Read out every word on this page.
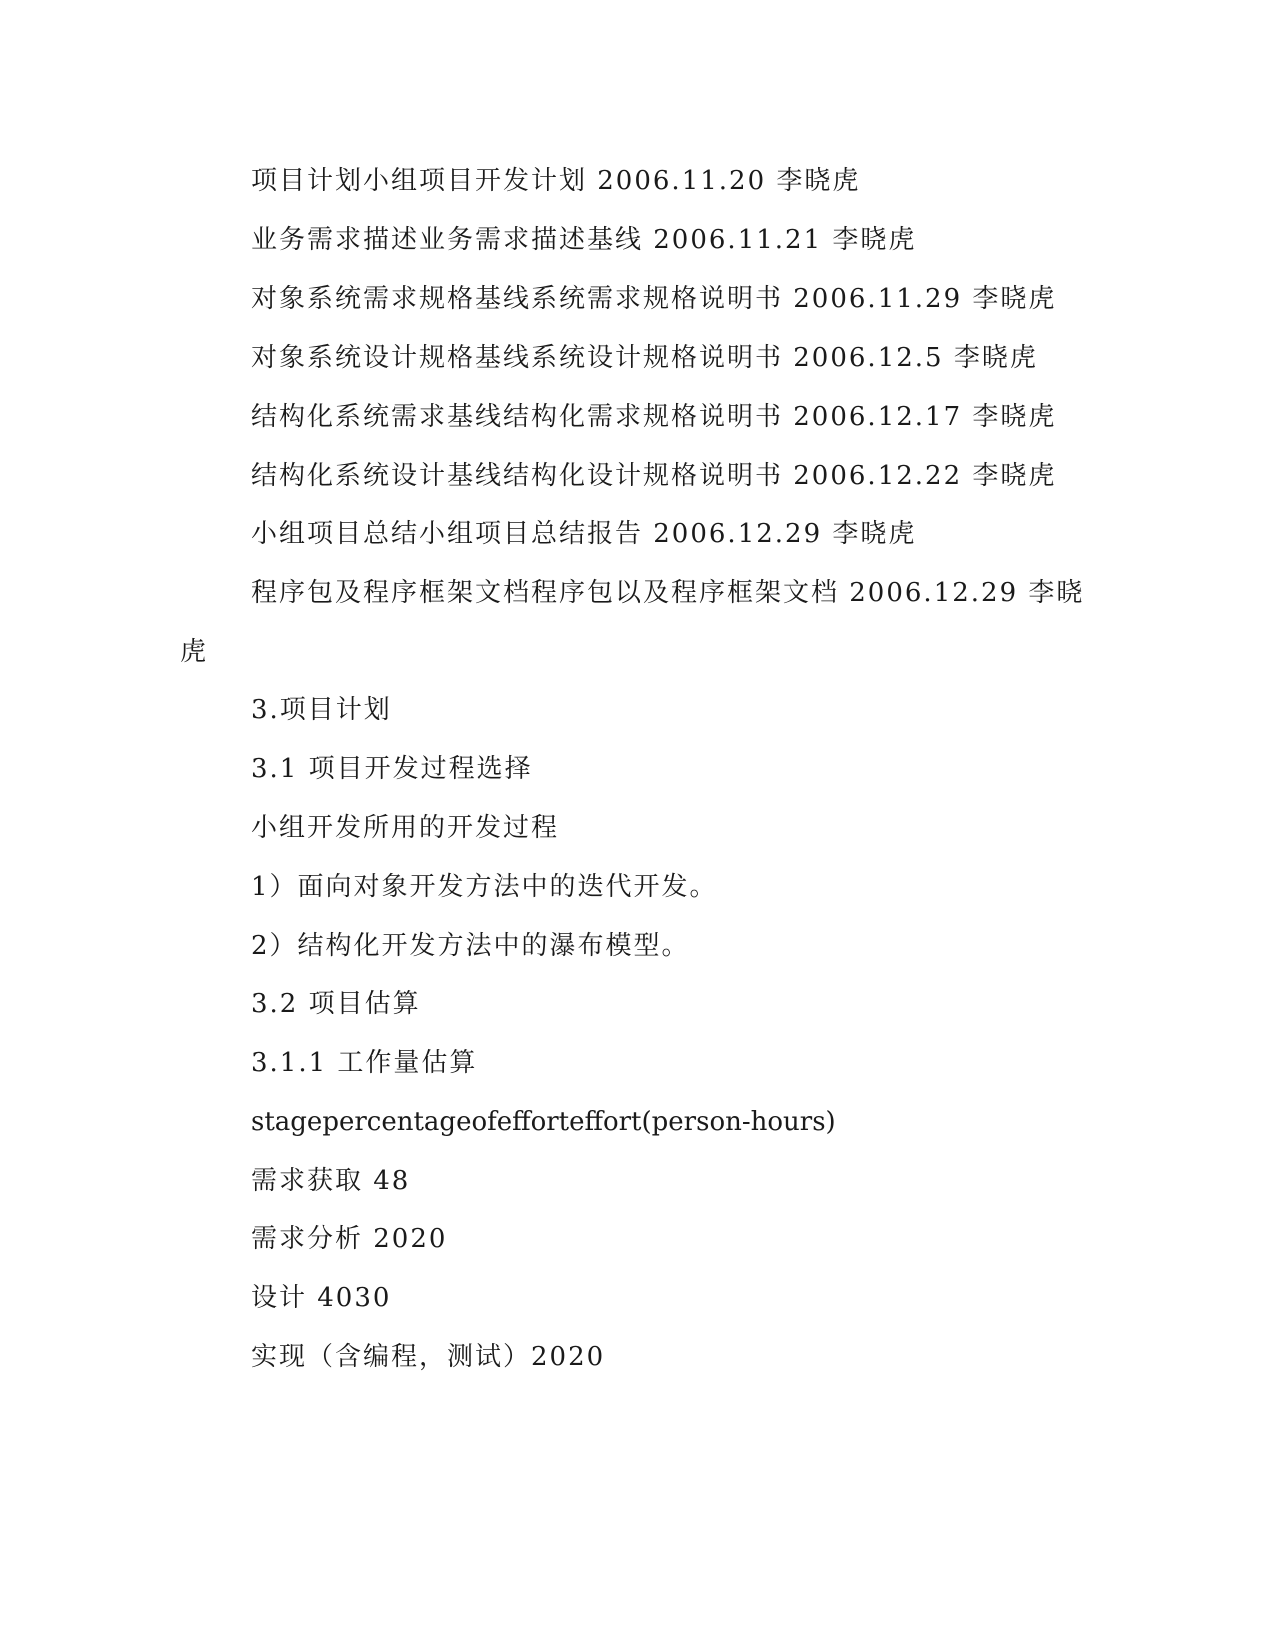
项目计划小组项目开发计划 2006.11.20 李晓虎
业务需求描述业务需求描述基线 2006.11.21 李晓虎
对象系统需求规格基线系统需求规格说明书 2006.11.29 李晓虎
对象系统设计规格基线系统设计规格说明书 2006.12.5 李晓虎
结构化系统需求基线结构化需求规格说明书 2006.12.17 李晓虎
结构化系统设计基线结构化设计规格说明书 2006.12.22 李晓虎
小组项目总结小组项目总结报告 2006.12.29 李晓虎
程序包及程序框架文档程序包以及程序框架文档 2006.12.29 李晓
虎
3.项目计划
3.1 项目开发过程选择
小组开发所用的开发过程
1）面向对象开发方法中的迭代开发。
2）结构化开发方法中的瀑布模型。
3.2 项目估算
3.1.1 工作量估算
stagepercentageofefforteffort(person-hours)
需求获取 48
需求分析 2020
设计 4030
实现（含编程，测试）2020
